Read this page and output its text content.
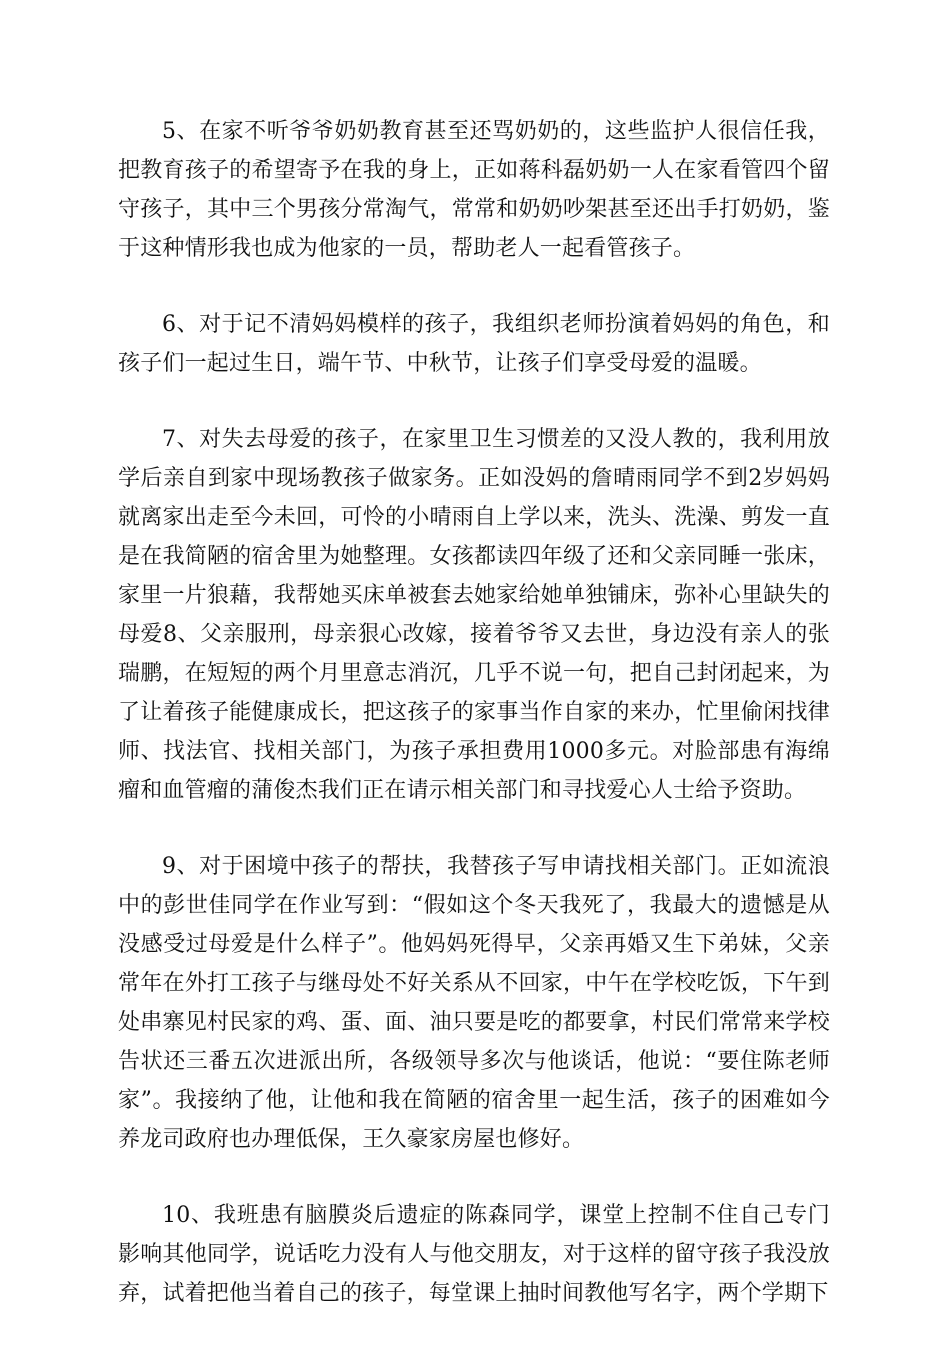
5、在家不听爷爷奶奶教育甚至还骂奶奶的，这些监护人很信任我，把教育孩子的希望寄予在我的身上，正如蒋科磊奶奶一人在家看管四个留守孩子，其中三个男孩分常淘气，常常和奶奶吵架甚至还出手打奶奶，鉴于这种情形我也成为他家的一员，帮助老人一起看管孩子。

6、对于记不清妈妈模样的孩子，我组织老师扮演着妈妈的角色，和孩子们一起过生日，端午节、中秋节，让孩子们享受母爱的温暖。

7、对失去母爱的孩子，在家里卫生习惯差的又没人教的，我利用放学后亲自到家中现场教孩子做家务。正如没妈的詹晴雨同学不到2岁妈妈就离家出走至今未回，可怜的小晴雨自上学以来，洗头、洗澡、剪发一直是在我简陋的宿舍里为她整理。女孩都读四年级了还和父亲同睡一张床，家里一片狼藉，我帮她买床单被套去她家给她单独铺床，弥补心里缺失的母爱8、父亲服刑，母亲狠心改嫁，接着爷爷又去世，身边没有亲人的张瑞鹏，在短短的两个月里意志消沉，几乎不说一句，把自己封闭起来，为了让着孩子能健康成长，把这孩子的家事当作自家的来办，忙里偷闲找律师、找法官、找相关部门，为孩子承担费用1000多元。对脸部患有海绵瘤和血管瘤的蒲俊杰我们正在请示相关部门和寻找爱心人士给予资助。

9、对于困境中孩子的帮扶，我替孩子写申请找相关部门。正如流浪中的彭世佳同学在作业写到：“假如这个冬天我死了，我最大的遗憾是从没感受过母爱是什么样子”。他妈妈死得早，父亲再婚又生下弟妹，父亲常年在外打工孩子与继母处不好关系从不回家，中午在学校吃饭，下午到处串寨见村民家的鸡、蛋、面、油只要是吃的都要拿，村民们常常来学校告状还三番五次进派出所，各级领导多次与他谈话，他说：“要住陈老师家”。我接纳了他，让他和我在简陋的宿舍里一起生活，孩子的困难如今养龙司政府也办理低保，王久豪家房屋也修好。

10、我班患有脑膜炎后遗症的陈森同学，课堂上控制不住自己专门影响其他同学，说话吃力没有人与他交朋友，对于这样的留守孩子我没放弃，试着把他当着自己的孩子，每堂课上抽时间教他写名字，两个学期下
